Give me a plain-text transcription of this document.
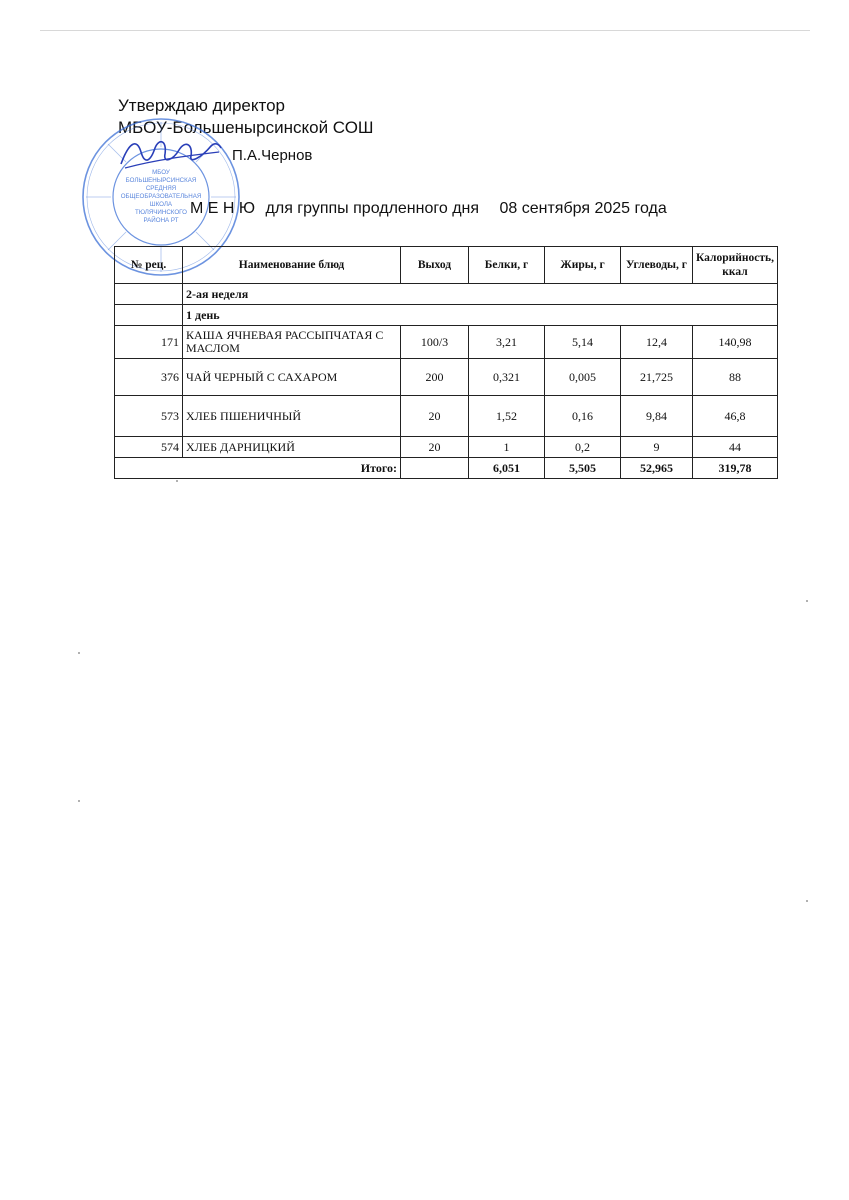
Утверждаю директор
МБОУ-Большенырсинской СОШ
П.А.Чернов
МБОУ
БОЛЬШЕНЫРСИНСКАЯ
СРЕДНЯЯ
ОБЩЕОБРАЗОВАТЕЛЬНАЯ
ШКОЛА
ТЮЛЯЧИНСКОГО
РАЙОНА РТ
М Е Н Ю для группы продленного дня 08 сентября 2025 года
№ рец.	Наименование блюд	Выход	Белки, г	Жиры, г	Углеводы, г	Калорийность, ккал
	2-ая неделя					
	1 день					
171	КАША ЯЧНЕВАЯ РАССЫПЧАТАЯ С МАСЛОМ	100/3	3,21	5,14	12,4	140,98
376	ЧАЙ ЧЕРНЫЙ С САХАРОМ	200	0,321	0,005	21,725	88
573	ХЛЕБ ПШЕНИЧНЫЙ	20	1,52	0,16	9,84	46,8
574	ХЛЕБ ДАРНИЦКИЙ	20	1	0,2	9	44
Итого:			6,051	5,505	52,965	319,78
